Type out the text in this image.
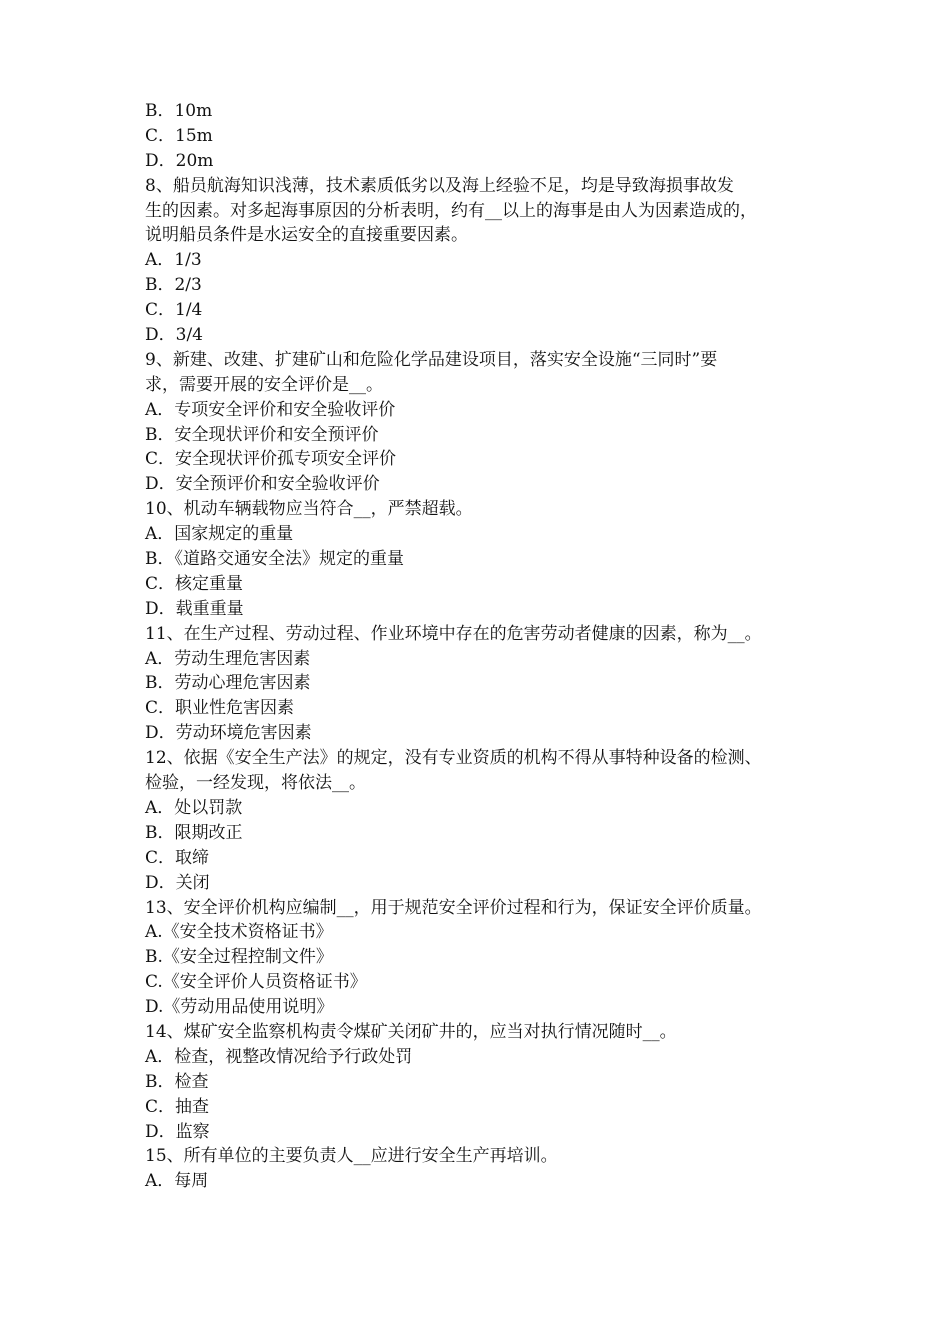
B．10m
C．15m
D．20m
8、船员航海知识浅薄，技术素质低劣以及海上经验不足，均是导致海损事故发
生的因素。对多起海事原因的分析表明，约有__以上的海事是由人为因素造成的，
说明船员条件是水运安全的直接重要因素。
A．1/3
B．2/3
C．1/4
D．3/4
9、新建、改建、扩建矿山和危险化学品建设项目，落实安全设施“三同时”要
求，需要开展的安全评价是__。
A．专项安全评价和安全验收评价
B．安全现状评价和安全预评价
C．安全现状评价孤专项安全评价
D．安全预评价和安全验收评价
10、机动车辆载物应当符合__，严禁超载。
A．国家规定的重量
B．《道路交通安全法》规定的重量
C．核定重量
D．载重重量
11、在生产过程、劳动过程、作业环境中存在的危害劳动者健康的因素，称为__。
A．劳动生理危害因素
B．劳动心理危害因素
C．职业性危害因素
D．劳动环境危害因素
12、依据《安全生产法》的规定，没有专业资质的机构不得从事特种设备的检测、
检验，一经发现，将依法__。
A．处以罚款
B．限期改正
C．取缔
D．关闭
13、安全评价机构应编制__，用于规范安全评价过程和行为，保证安全评价质量。
A.《安全技术资格证书》
B.《安全过程控制文件》
C.《安全评价人员资格证书》
D.《劳动用品使用说明》
14、煤矿安全监察机构责令煤矿关闭矿井的，应当对执行情况随时__。
A．检查，视整改情况给予行政处罚
B．检查
C．抽查
D．监察
15、所有单位的主要负责人__应进行安全生产再培训。
A．每周
